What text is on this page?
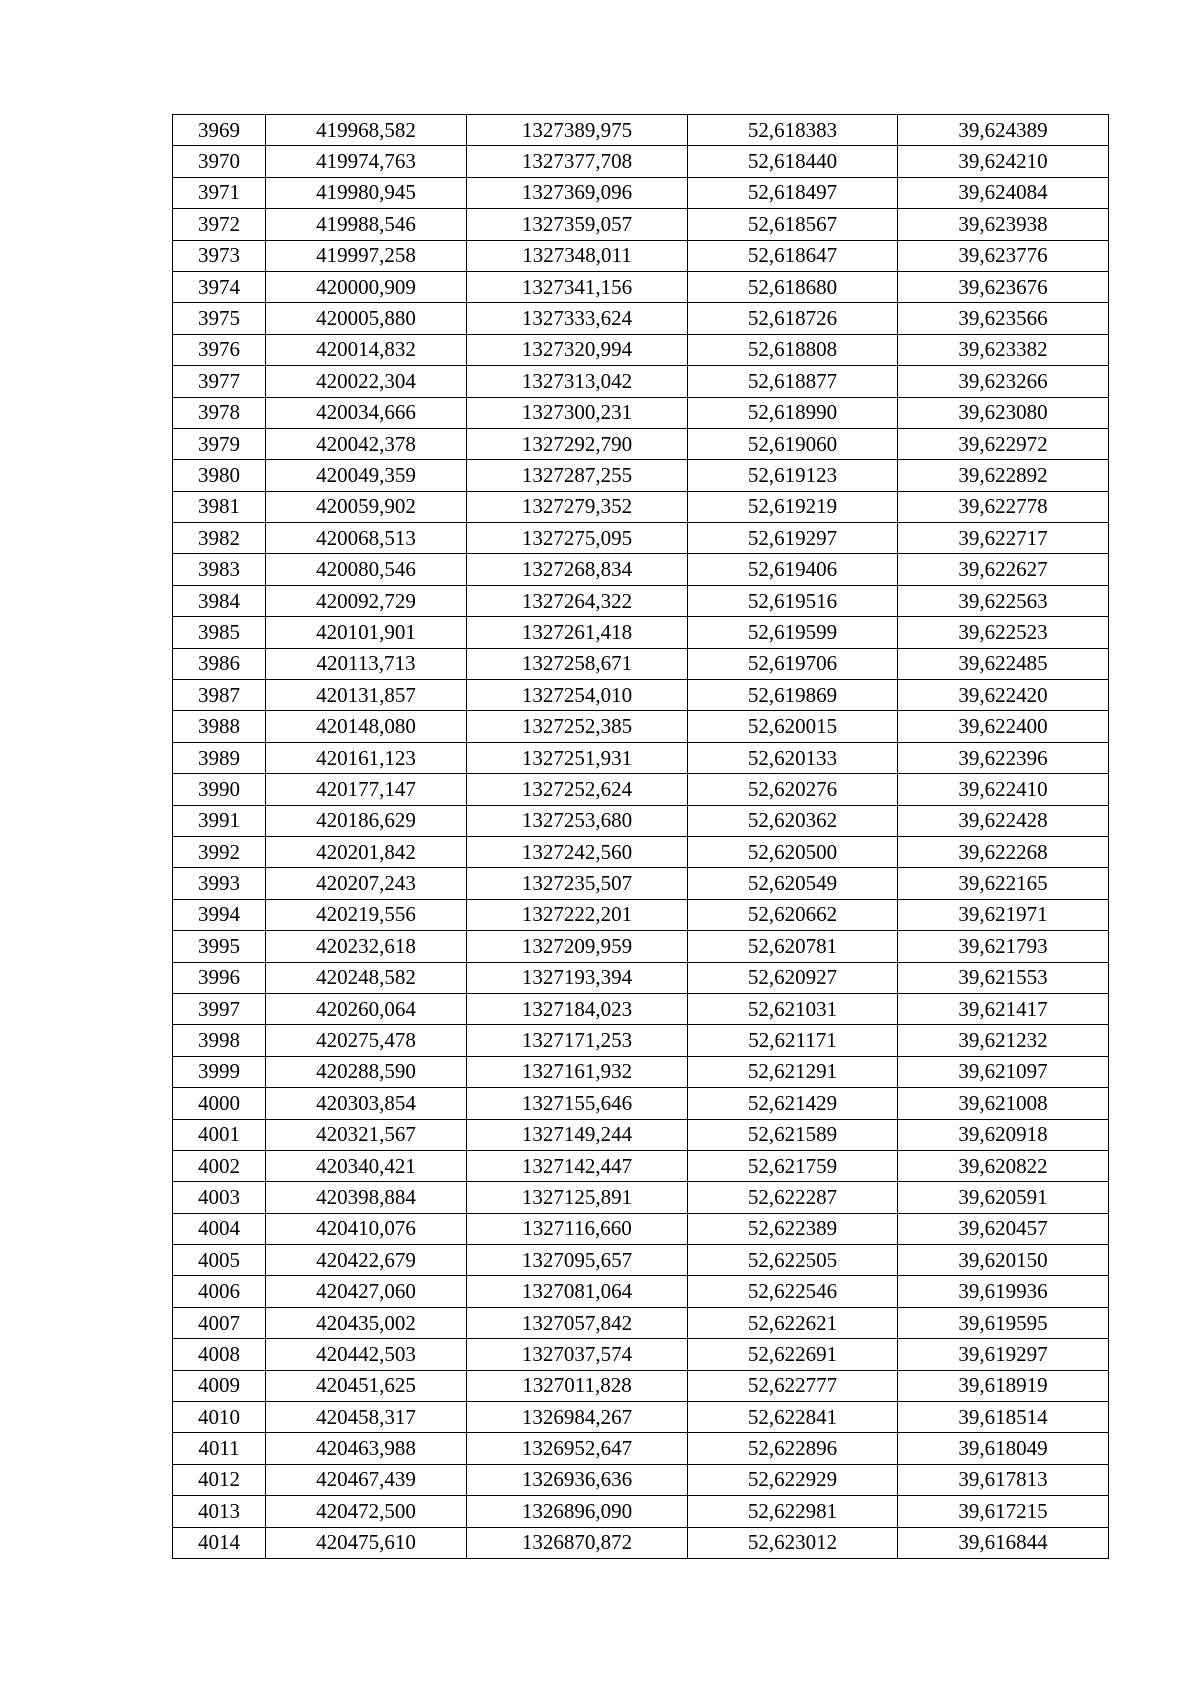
3969	419968,582	1327389,975	52,618383	39,624389
3970	419974,763	1327377,708	52,618440	39,624210
3971	419980,945	1327369,096	52,618497	39,624084
3972	419988,546	1327359,057	52,618567	39,623938
3973	419997,258	1327348,011	52,618647	39,623776
3974	420000,909	1327341,156	52,618680	39,623676
3975	420005,880	1327333,624	52,618726	39,623566
3976	420014,832	1327320,994	52,618808	39,623382
3977	420022,304	1327313,042	52,618877	39,623266
3978	420034,666	1327300,231	52,618990	39,623080
3979	420042,378	1327292,790	52,619060	39,622972
3980	420049,359	1327287,255	52,619123	39,622892
3981	420059,902	1327279,352	52,619219	39,622778
3982	420068,513	1327275,095	52,619297	39,622717
3983	420080,546	1327268,834	52,619406	39,622627
3984	420092,729	1327264,322	52,619516	39,622563
3985	420101,901	1327261,418	52,619599	39,622523
3986	420113,713	1327258,671	52,619706	39,622485
3987	420131,857	1327254,010	52,619869	39,622420
3988	420148,080	1327252,385	52,620015	39,622400
3989	420161,123	1327251,931	52,620133	39,622396
3990	420177,147	1327252,624	52,620276	39,622410
3991	420186,629	1327253,680	52,620362	39,622428
3992	420201,842	1327242,560	52,620500	39,622268
3993	420207,243	1327235,507	52,620549	39,622165
3994	420219,556	1327222,201	52,620662	39,621971
3995	420232,618	1327209,959	52,620781	39,621793
3996	420248,582	1327193,394	52,620927	39,621553
3997	420260,064	1327184,023	52,621031	39,621417
3998	420275,478	1327171,253	52,621171	39,621232
3999	420288,590	1327161,932	52,621291	39,621097
4000	420303,854	1327155,646	52,621429	39,621008
4001	420321,567	1327149,244	52,621589	39,620918
4002	420340,421	1327142,447	52,621759	39,620822
4003	420398,884	1327125,891	52,622287	39,620591
4004	420410,076	1327116,660	52,622389	39,620457
4005	420422,679	1327095,657	52,622505	39,620150
4006	420427,060	1327081,064	52,622546	39,619936
4007	420435,002	1327057,842	52,622621	39,619595
4008	420442,503	1327037,574	52,622691	39,619297
4009	420451,625	1327011,828	52,622777	39,618919
4010	420458,317	1326984,267	52,622841	39,618514
4011	420463,988	1326952,647	52,622896	39,618049
4012	420467,439	1326936,636	52,622929	39,617813
4013	420472,500	1326896,090	52,622981	39,617215
4014	420475,610	1326870,872	52,623012	39,616844
